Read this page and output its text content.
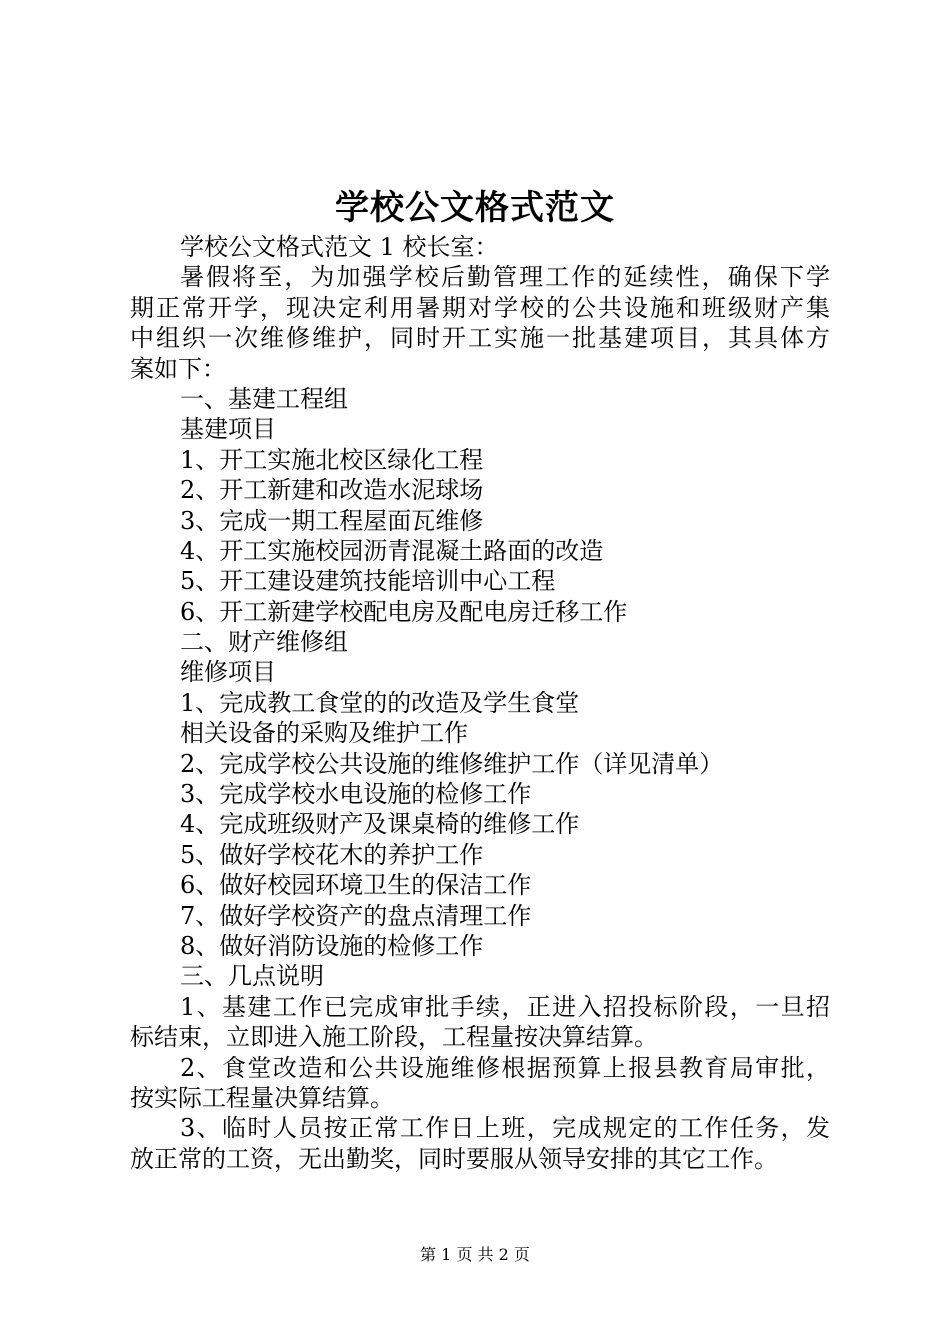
学校公文格式范文
学校公文格式范文 1 校长室：
暑假将至，为加强学校后勤管理工作的延续性，确保下学
期正常开学，现决定利用暑期对学校的公共设施和班级财产集
中组织一次维修维护，同时开工实施一批基建项目，其具体方
案如下：
一、基建工程组
基建项目
1、开工实施北校区绿化工程
2、开工新建和改造水泥球场
3、完成一期工程屋面瓦维修
4、开工实施校园沥青混凝土路面的改造
5、开工建设建筑技能培训中心工程
6、开工新建学校配电房及配电房迁移工作
二、财产维修组
维修项目
1、完成教工食堂的的改造及学生食堂
相关设备的采购及维护工作
2、完成学校公共设施的维修维护工作（详见清单）
3、完成学校水电设施的检修工作
4、完成班级财产及课桌椅的维修工作
5、做好学校花木的养护工作
6、做好校园环境卫生的保洁工作
7、做好学校资产的盘点清理工作
8、做好消防设施的检修工作
三、几点说明
1、基建工作已完成审批手续，正进入招投标阶段，一旦招
标结束，立即进入施工阶段，工程量按决算结算。
2、食堂改造和公共设施维修根据预算上报县教育局审批，
按实际工程量决算结算。
3、临时人员按正常工作日上班，完成规定的工作任务，发
放正常的工资，无出勤奖，同时要服从领导安排的其它工作。
第 1 页 共 2 页
